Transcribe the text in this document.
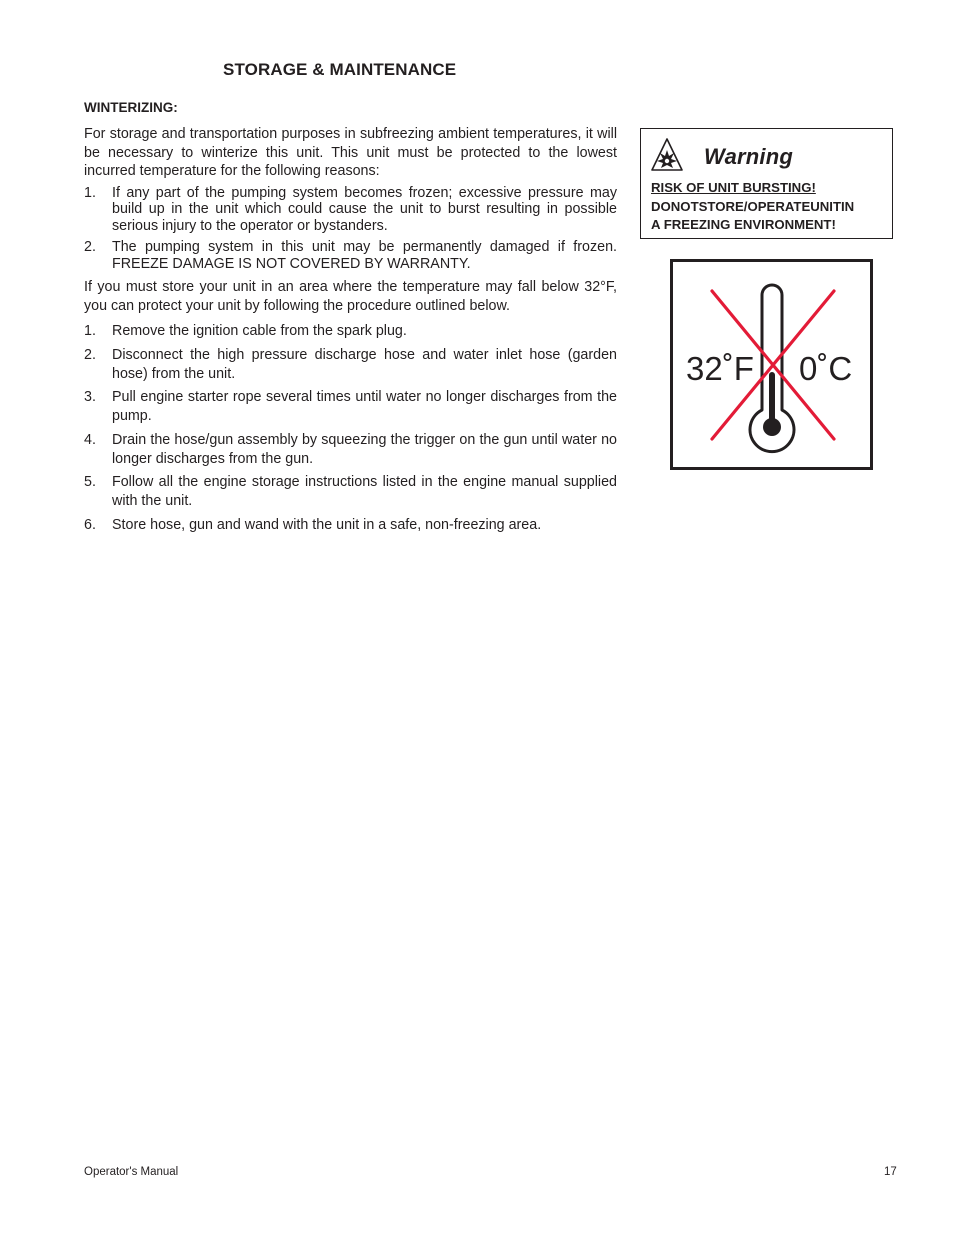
STORAGE & MAINTENANCE
WINTERIZING:

For storage and transportation purposes in subfreezing ambient temperatures, it will be necessary to winterize this unit. This unit must be protected to the lowest incurred temperature for the following reasons:

1. If any part of the pumping system becomes frozen; excessive pressure may build up in the unit which could cause the unit to burst resulting in possible serious injury to the operator or bystanders.
2. The pumping system in this unit may be permanently damaged if frozen. FREEZE DAMAGE IS NOT COVERED BY WARRANTY.

If you must store your unit in an area where the temperature may fall below 32°F, you can protect your unit by following the procedure outlined below.

1. Remove the ignition cable from the spark plug.
2. Disconnect the high pressure discharge hose and water inlet hose (garden hose) from the unit.
3. Pull engine starter rope several times until water no longer discharges from the pump.
4. Drain the hose/gun assembly by squeezing the trigger on the gun until water no longer discharges from the gun.
5. Follow all the engine storage instructions listed in the engine manual supplied with the unit.
6. Store hose, gun and wand with the unit in a safe, non-freezing area.
Warning
RISK OF UNIT BURSTING!
DONOTSTORE/OPERATEUNITIN
A FREEZING ENVIRONMENT!
32˚F 0˚C
Operator's Manual	17
